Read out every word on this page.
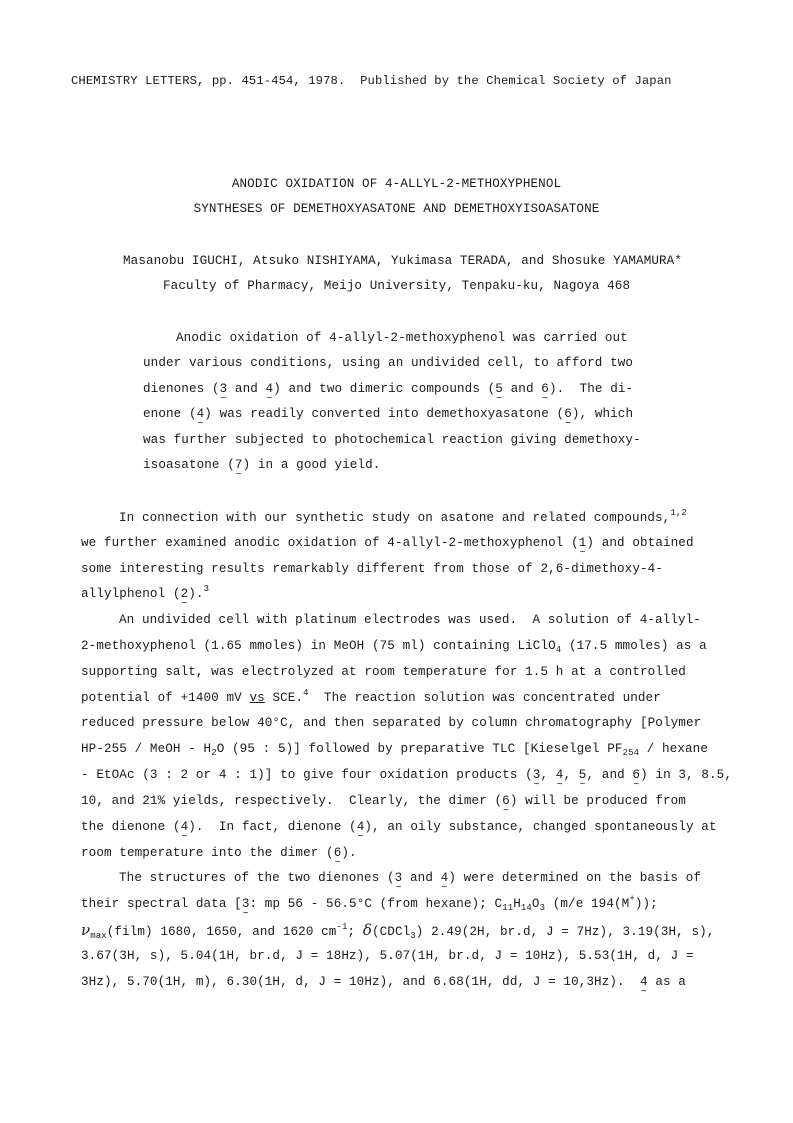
CHEMISTRY LETTERS, pp. 451-454, 1978. Published by the Chemical Society of Japan
ANODIC OXIDATION OF 4-ALLYL-2-METHOXYPHENOL
SYNTHESES OF DEMETHOXYASATONE AND DEMETHOXYISOASATONE
Masanobu IGUCHI, Atsuko NISHIYAMA, Yukimasa TERADA, and Shosuke YAMAMURA*
Faculty of Pharmacy, Meijo University, Tenpaku-ku, Nagoya 468
Anodic oxidation of 4-allyl-2-methoxyphenol was carried out
under various conditions, using an undivided cell, to afford two
dienones (3 ~ and 4 ~) and two dimeric compounds (5 ~ and 6 ~).  The di-
enone (4 ~) was readily converted into demethoxyasatone (6 ~), which
was further subjected to photochemical reaction giving demethoxy-
isoasatone (7 ~) in a good yield.
In connection with our synthetic study on asatone and related compounds,$^{1,2}$
we further examined anodic oxidation of 4-allyl-2-methoxyphenol (1 ~) and obtained
some interesting results remarkably different from those of 2,6-dimethoxy-4-
allylphenol (2 ~).$^3$
An undivided cell with platinum electrodes was used.  A solution of 4-allyl-
2-methoxyphenol (1.65 mmoles) in MeOH (75 ml) containing LiClO$_4$ (17.5 mmoles) as a
supporting salt, was electrolyzed at room temperature for 1.5 h at a controlled
potential of +1400 mV vs SCE.$^4$  The reaction solution was concentrated under
reduced pressure below 40°C, and then separated by column chromatography [Polymer
HP-255 / MeOH - $H_2O$ (95 : 5)] followed by preparative TLC [Kieselgel $PF_{254}$ / hexane
- EtOAc (3 : 2 or 4 : 1)] to give four oxidation products (3 ~, 4 ~, 5 ~, and 6 ~) in 3, 8.5,
10, and 21% yields, respectively.  Clearly, the dimer (6 ~) will be produced from
the dienone (4 ~).  In fact, dienone (4 ~), an oily substance, changed spontaneously at
room temperature into the dimer (6 ~).
The structures of the two dienones (3 ~ and 4 ~) were determined on the basis of
their spectral data [3 ~: mp 56 - 56.5°C (from hexane); $C_{11}H_{14}O_3$ (m/e 194(M+));
$\nu_{max}(film)$ 1680, 1650, and 1620 $cm^{-1}$; δ(CDCl$_3$) 2.49(2H, br.d, J = 7Hz), 3.19(3H, s),
3.67(3H, s), 5.04(1H, br.d, J = 18Hz), 5.07(1H, br.d, J = 10Hz), 5.53(1H, d, J =
3Hz), 5.70(1H, m), 6.30(1H, d, J = 10Hz), and 6.68(1H, dd, J = 10,3Hz).  4 ~ as a
